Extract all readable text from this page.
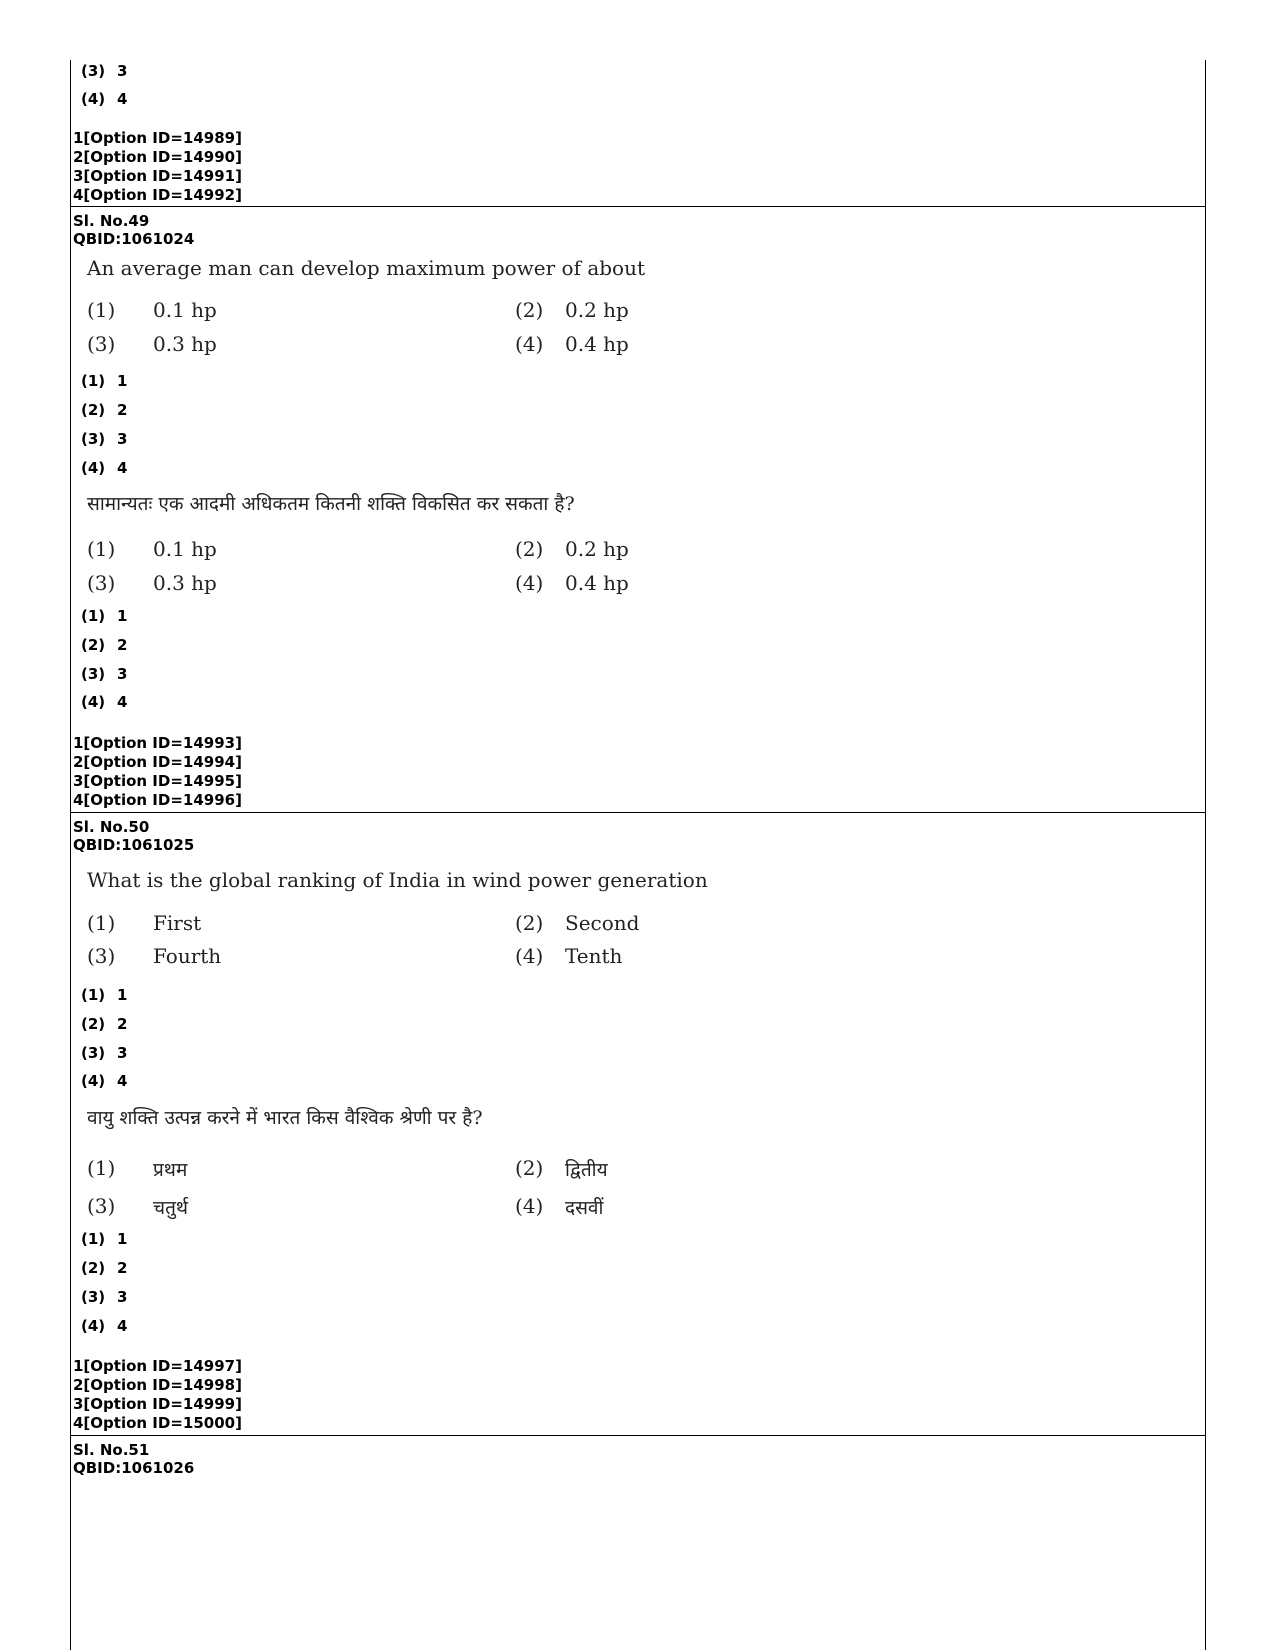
(3) 3
(4) 4
1[Option ID=14989]
2[Option ID=14990]
3[Option ID=14991]
4[Option ID=14992]
Sl. No.49
QBID:1061024
An average man can develop maximum power of about
(1) 0.1 hp	(2) 0.2 hp
(3) 0.3 hp	(4) 0.4 hp
(1) 1
(2) 2
(3) 3
(4) 4
सामान्यतः एक आदमी अधिकतम कितनी शक्ति विकसित कर सकता है?
(1) 0.1 hp	(2) 0.2 hp
(3) 0.3 hp	(4) 0.4 hp
(1) 1
(2) 2
(3) 3
(4) 4
1[Option ID=14993]
2[Option ID=14994]
3[Option ID=14995]
4[Option ID=14996]
Sl. No.50
QBID:1061025
What is the global ranking of India in wind power generation
(1) First	(2) Second
(3) Fourth	(4) Tenth
(1) 1
(2) 2
(3) 3
(4) 4
वायु शक्ति उत्पन्न करने में भारत किस वैश्विक श्रेणी पर है?
(1) प्रथम	(2) द्वितीय
(3) चतुर्थ	(4) दसवीं
(1) 1
(2) 2
(3) 3
(4) 4
1[Option ID=14997]
2[Option ID=14998]
3[Option ID=14999]
4[Option ID=15000]
Sl. No.51
QBID:1061026
